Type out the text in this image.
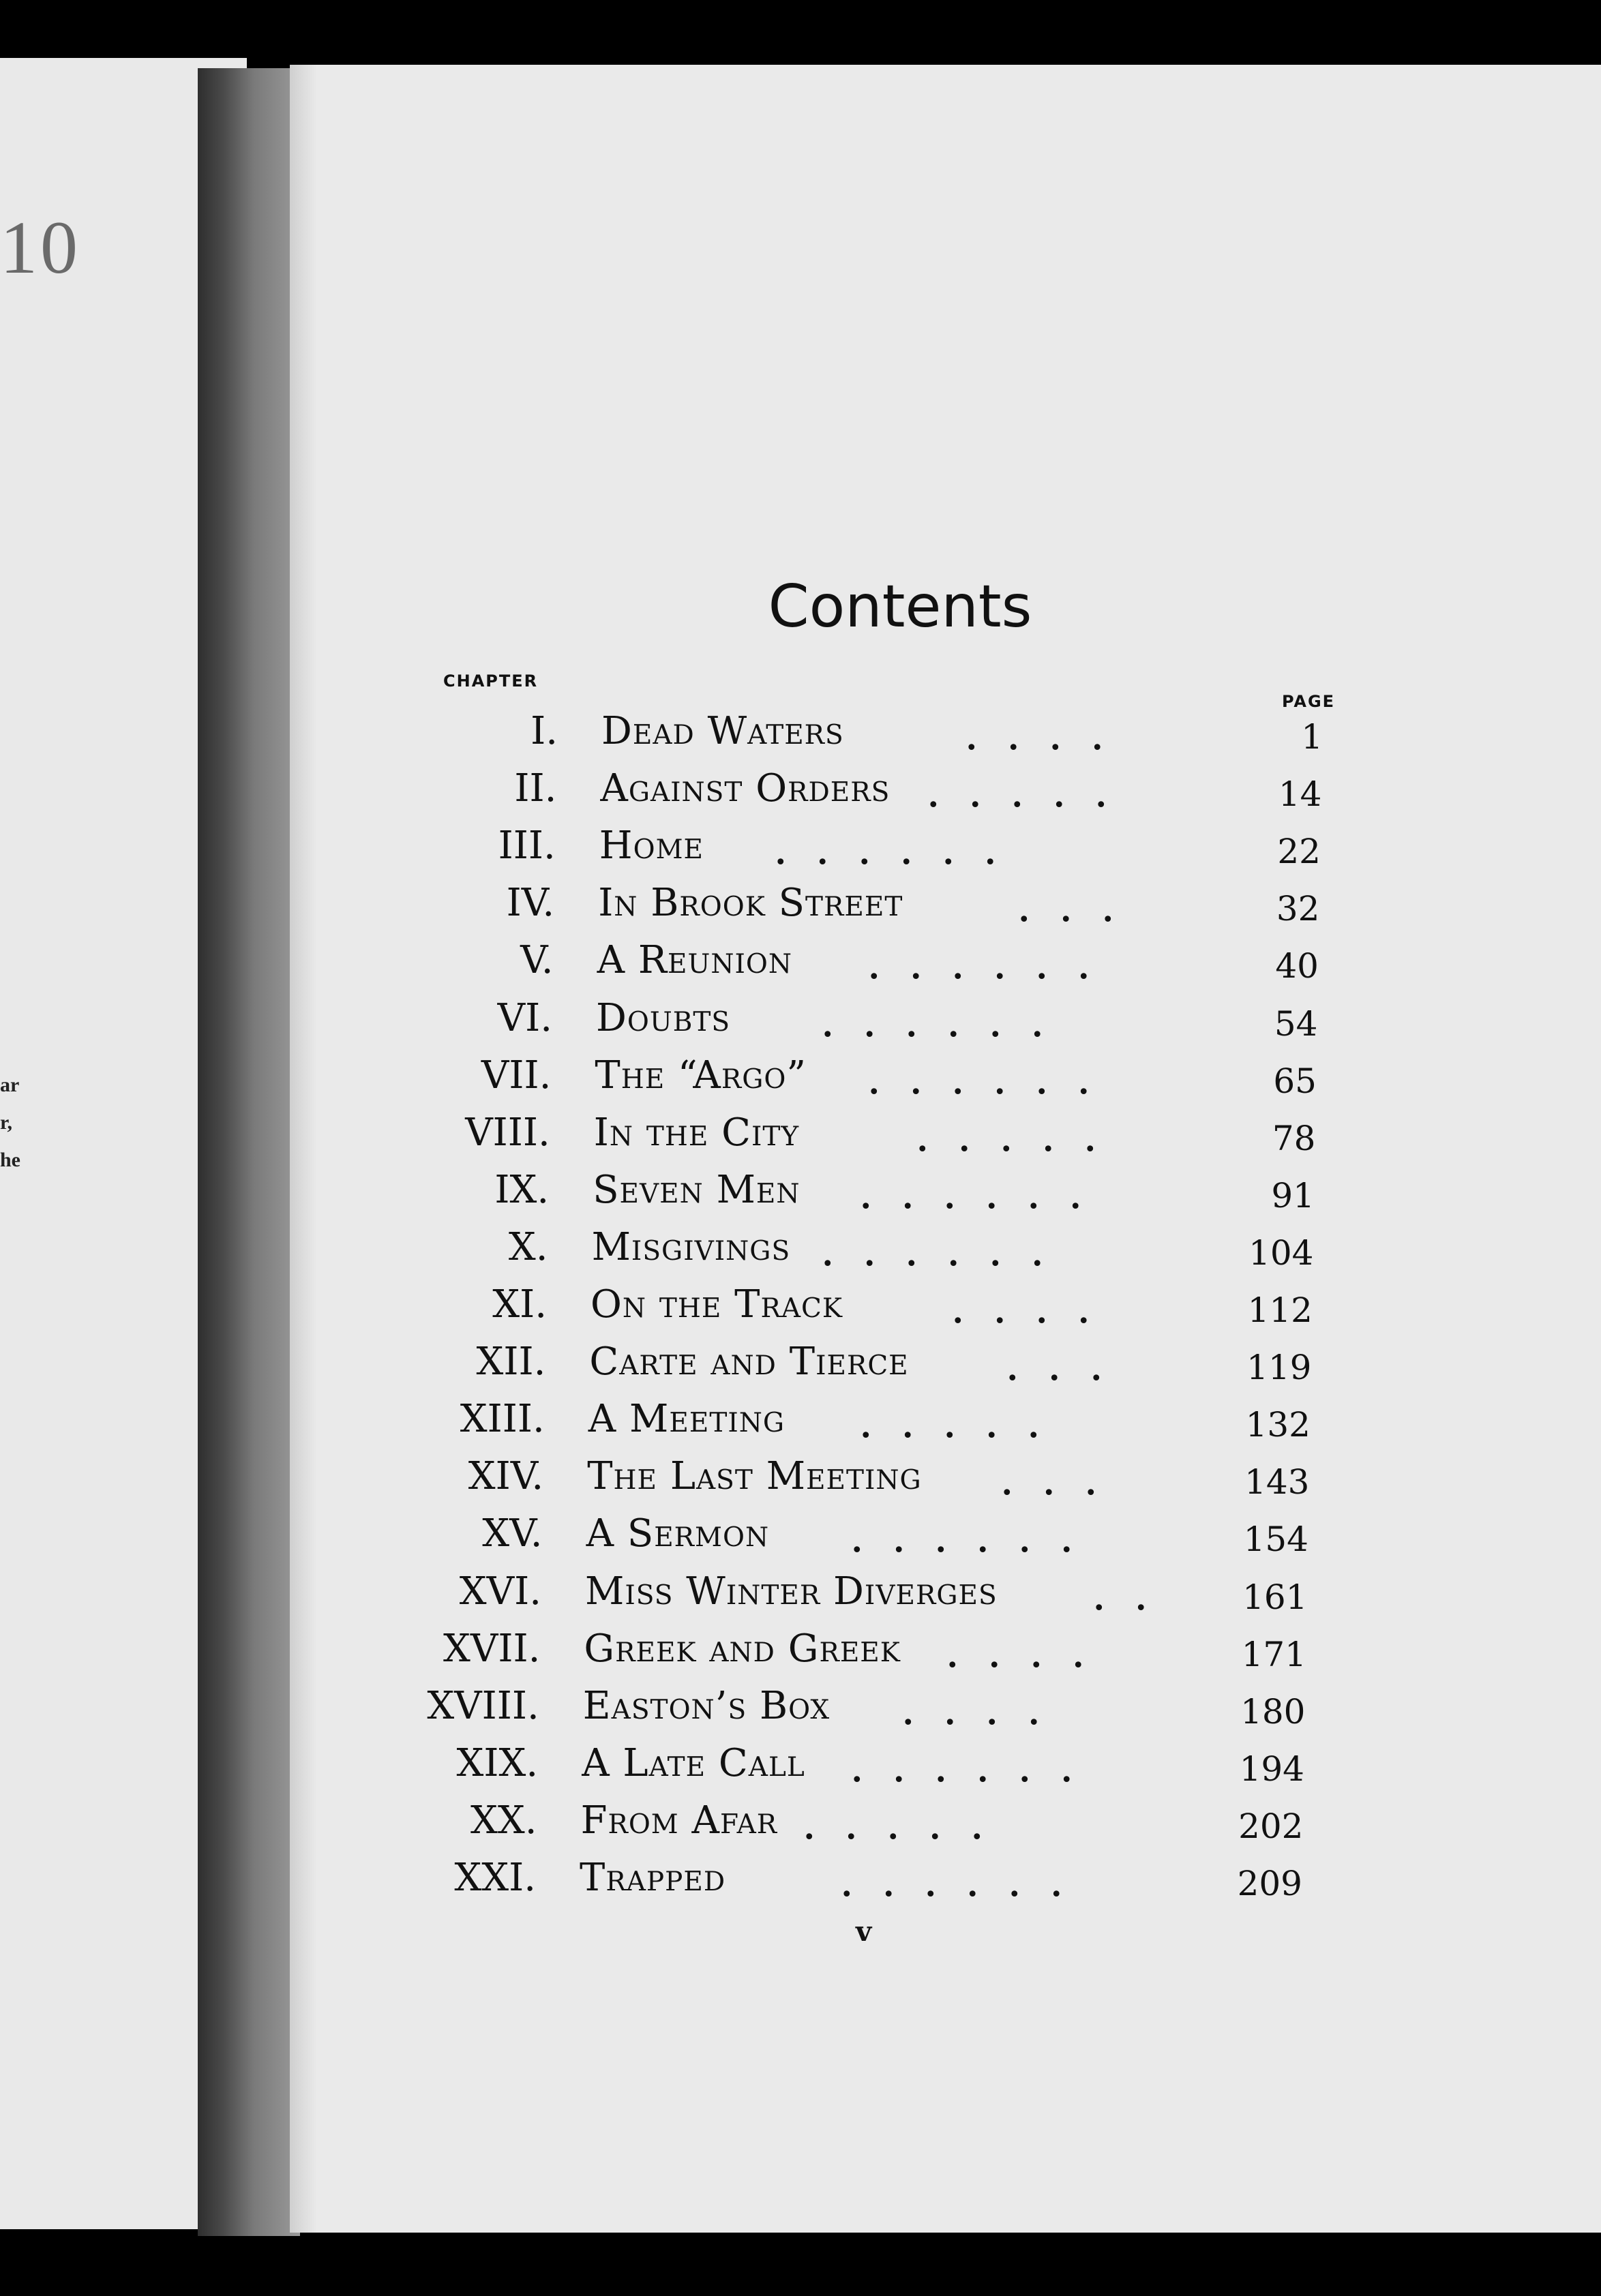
10
ar
r,
he
Contents
CHAPTER
PAGE
I. Dead Waters	....	1
II. Against Orders .....	14
III. Home ......	22
IV. In Brook Street	...	32
V. A Reunion ......	40
VI. Doubts	......	54
VII. The “Argo” ......	65
VIII. In the City	.....	78
IX. Seven Men ......	91
X. Misgivings ......	104
XI. On the Track	....	112
XII. Carte and Tierce	...	119
XIII. A Meeting .....	132
XIV. The Last Meeting ...	143
XV. A Sermon ......	154
XVI. Miss Winter Diverges	..	161
XVII. Greek and Greek ....	171
XVIII. Easton’s Box ....	180
XIX. A Late Call ......	194
XX. From Afar .....	202
XXI. Trapped	......	209
v
